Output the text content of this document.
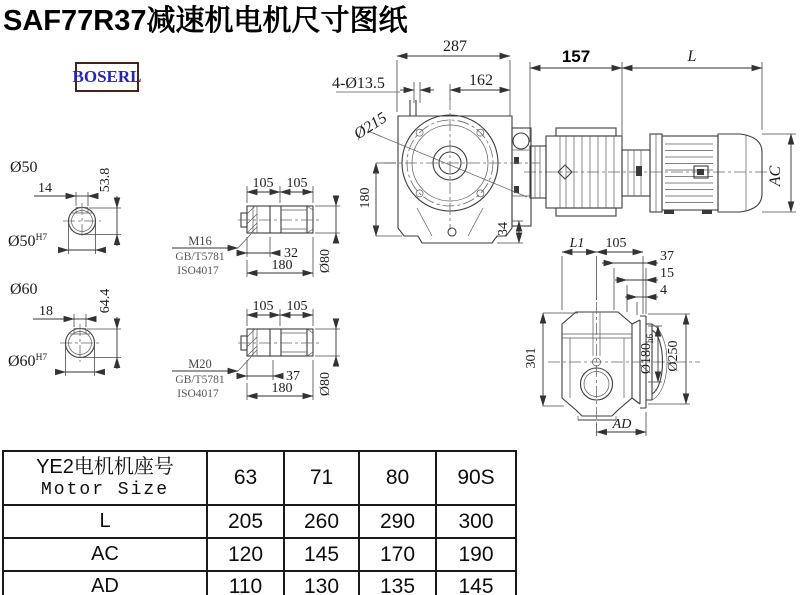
SAF77R37减速机电机尺寸图纸
BOSERL
287
162
4-Ø13.5
Ø215
180
34
157	L
AC
Ø50
14	53.8
$Ø50^{H7}$
Ø60
18	64.4
$Ø60^{H7}$
105 105
32
180 Ø80
M16
GB/T5781
ISO4017
105 105
37
180 Ø80
M20
GB/T5781
ISO4017
L1 105
37
15
4
301	$Ø180_{h6}$
Ø250
AD
YE2电机机座号
Motor Size	63	71	80	90S
L	205	260	290	300
AC	120	145	170	190
AD	110	130	135	145
